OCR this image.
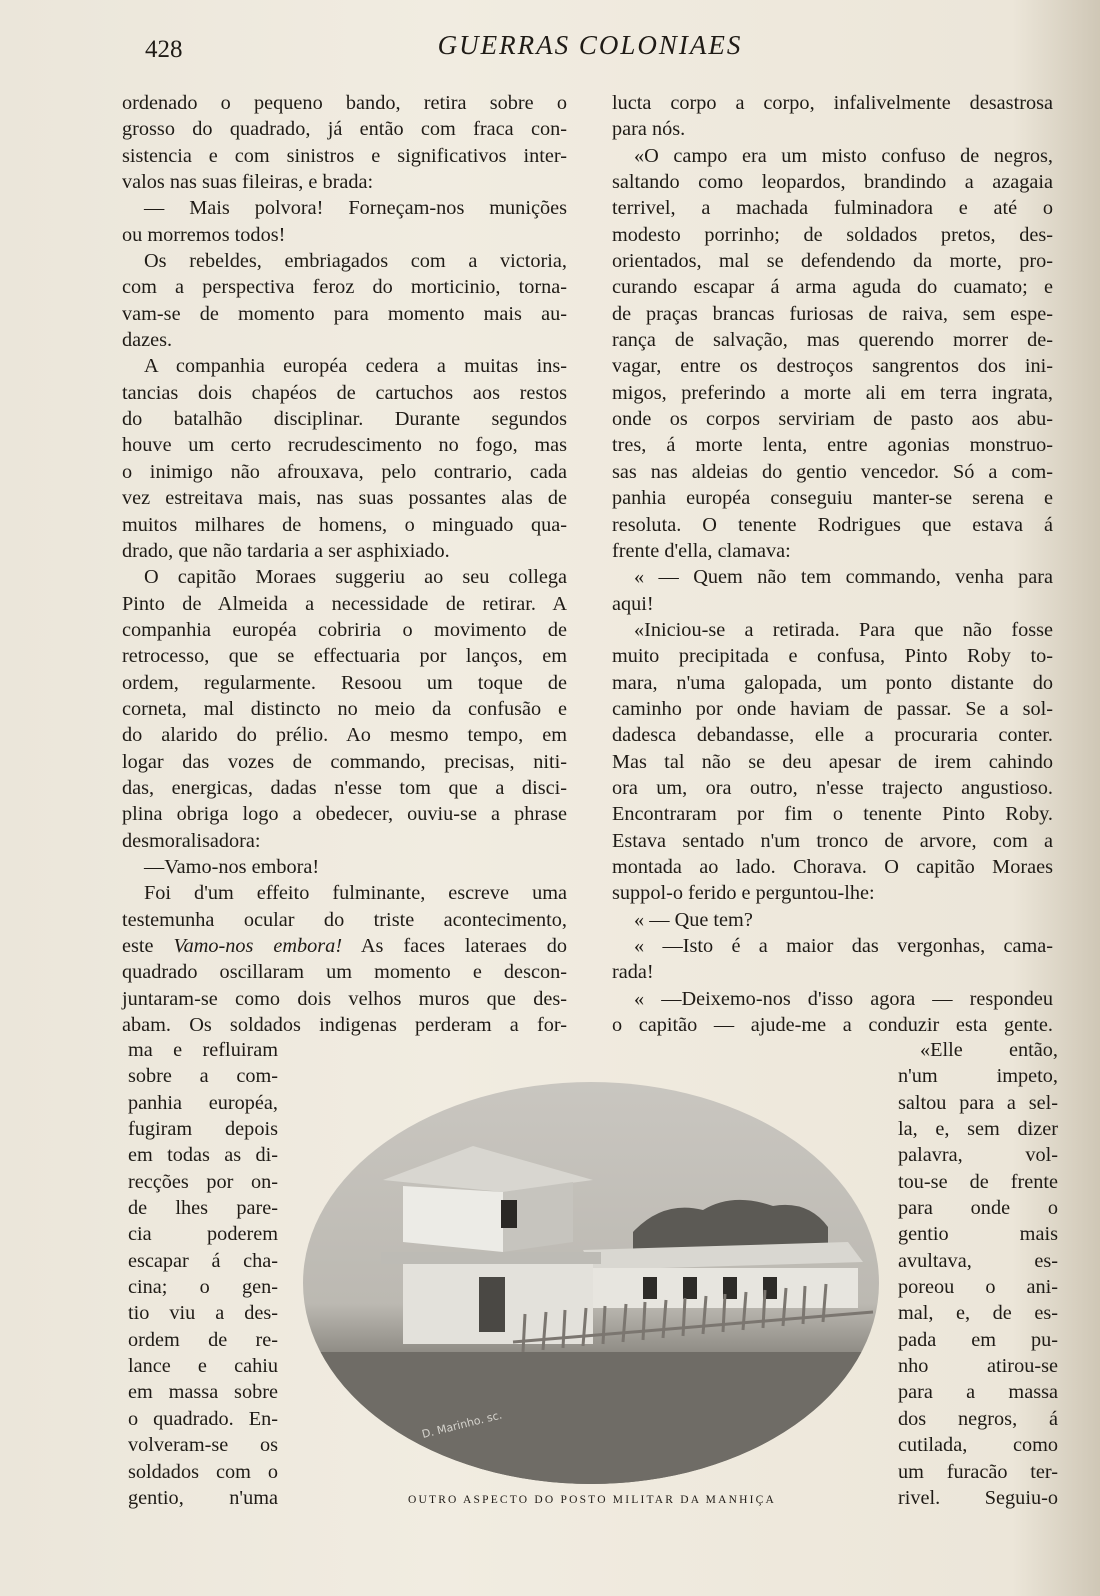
428	GUERRAS COLONIAES
ordenado o pequeno bando, retira sobre o
grosso do quadrado, já então com fraca con-
sistencia e com sinistros e significativos inter-
valos nas suas fileiras, e brada:
— Mais polvora! Forneçam-nos munições
ou morremos todos!
Os rebeldes, embriagados com a victoria,
com a perspectiva feroz do morticinio, torna-
vam-se de momento para momento mais au-
dazes.
A companhia européa cedera a muitas ins-
tancias dois chapéos de cartuchos aos restos
do batalhão disciplinar. Durante segundos
houve um certo recrudescimento no fogo, mas
o inimigo não afrouxava, pelo contrario, cada
vez estreitava mais, nas suas possantes alas de
muitos milhares de homens, o minguado qua-
drado, que não tardaria a ser asphixiado.
O capitão Moraes suggeriu ao seu collega
Pinto de Almeida a necessidade de retirar. A
companhia européa cobriria o movimento de
retrocesso, que se effectuaria por lanços, em
ordem, regularmente. Resoou um toque de
corneta, mal distincto no meio da confusão e
do alarido do prélio. Ao mesmo tempo, em
logar das vozes de commando, precisas, niti-
das, energicas, dadas n'esse tom que a disci-
plina obriga logo a obedecer, ouviu-se a phrase
desmoralisadora:
—Vamo-nos embora!
Foi d'um effeito fulminante, escreve uma
testemunha ocular do triste acontecimento,
este Vamo-nos embora! As faces lateraes do
quadrado oscillaram um momento e descon-
juntaram-se como dois velhos muros que des-
abam. Os soldados indigenas perderam a for-
lucta corpo a corpo, infalivelmente desastrosa
para nós.
«O campo era um misto confuso de negros,
saltando como leopardos, brandindo a azagaia
terrivel, a machada fulminadora e até o
modesto porrinho; de soldados pretos, des-
orientados, mal se defendendo da morte, pro-
curando escapar á arma aguda do cuamato; e
de praças brancas furiosas de raiva, sem espe-
rança de salvação, mas querendo morrer de-
vagar, entre os destroços sangrentos dos ini-
migos, preferindo a morte ali em terra ingrata,
onde os corpos serviriam de pasto aos abu-
tres, á morte lenta, entre agonias monstruo-
sas nas aldeias do gentio vencedor. Só a com-
panhia européa conseguiu manter-se serena e
resoluta. O tenente Rodrigues que estava á
frente d'ella, clamava:
« — Quem não tem commando, venha para
aqui!
«Iniciou-se a retirada. Para que não fosse
muito precipitada e confusa, Pinto Roby to-
mara, n'uma galopada, um ponto distante do
caminho por onde haviam de passar. Se a sol-
dadesca debandasse, elle a procuraria conter.
Mas tal não se deu apesar de irem cahindo
ora um, ora outro, n'esse trajecto angustioso.
Encontraram por fim o tenente Pinto Roby.
Estava sentado n'um tronco de arvore, com a
montada ao lado. Chorava. O capitão Moraes
suppol-o ferido e perguntou-lhe:
« — Que tem?
« —Isto é a maior das vergonhas, cama-
rada!
« —Deixemo-nos d'isso agora — respondeu
o capitão — ajude-me a conduzir esta gente.
ma e refluiram
sobre a com-
panhia européa,
fugiram depois
em todas as di-
recções por on-
de lhes pare-
cia poderem
escapar á cha-
cina; o gen-
tio viu a des-
ordem de re-
lance e cahiu
em massa sobre
o quadrado. En-
volveram-se os
soldados com o
gentio, n'uma
«Elle então,
n'um impeto,
saltou para a sel-
la, e, sem dizer
palavra, vol-
tou-se de frente
para onde o
gentio mais
avultava, es-
poreou o ani-
mal, e, de es-
pada em pu-
nho atirou-se
para a massa
dos negros, á
cutilada, como
um furacão ter-
rivel. Seguiu-o
D. Marinho. sc.
OUTRO ASPECTO DO POSTO MILITAR DA MANHIÇA
